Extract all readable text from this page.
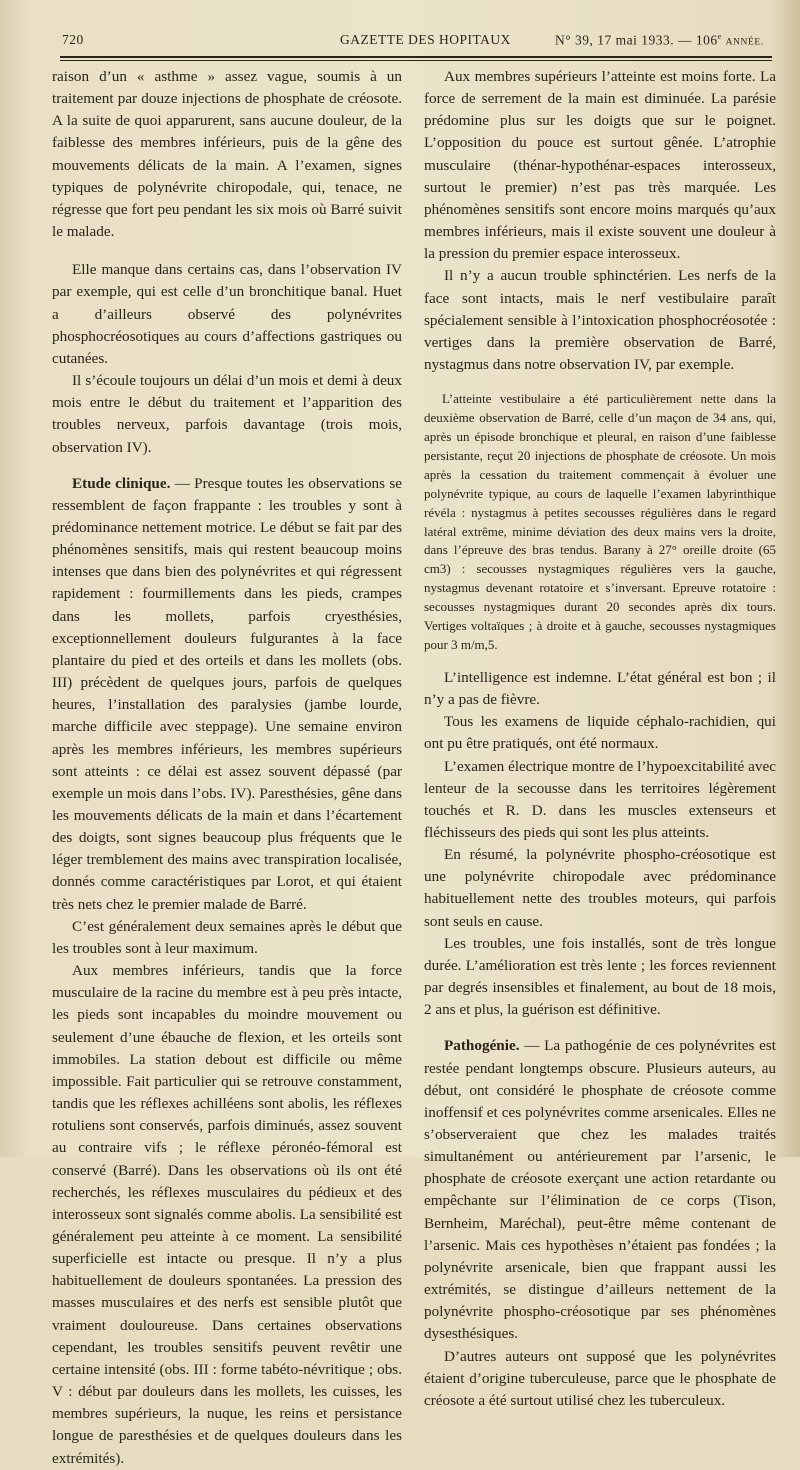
720	GAZETTE DES HOPITAUX	N° 39, 17 mai 1933. — 106e ANNÉE.

raison d’un « asthme » assez vague, soumis à un traitement par douze injections de phosphate de créosote. A la suite de quoi apparurent, sans aucune douleur, de la faiblesse des membres inférieurs, puis de la gêne des mouvements délicats de la main. A l’examen, signes typiques de polynévrite chiropodale, qui, tenace, ne régresse que fort peu pendant les six mois où Barré suivit le malade.

Elle manque dans certains cas, dans l’observation IV par exemple, qui est celle d’un bronchitique banal. Huet a d’ailleurs observé des polynévrites phosphocréosotiques au cours d’affections gastriques ou cutanées.

Il s’écoule toujours un délai d’un mois et demi à deux mois entre le début du traitement et l’apparition des troubles nerveux, parfois davantage (trois mois, observation IV).

Etude clinique. — Presque toutes les observations se ressemblent de façon frappante : les troubles y sont à prédominance nettement motrice. Le début se fait par des phénomènes sensitifs, mais qui restent beaucoup moins intenses que dans bien des polynévrites et qui régressent rapidement : fourmillements dans les pieds, crampes dans les mollets, parfois cryesthésies, exceptionnellement douleurs fulgurantes à la face plantaire du pied et des orteils et dans les mollets (obs. III) précèdent de quelques jours, parfois de quelques heures, l’installation des paralysies (jambe lourde, marche difficile avec steppage). Une semaine environ après les membres inférieurs, les membres supérieurs sont atteints : ce délai est assez souvent dépassé (par exemple un mois dans l’obs. IV). Paresthésies, gêne dans les mouvements délicats de la main et dans l’écartement des doigts, sont signes beaucoup plus fréquents que le léger tremblement des mains avec transpiration localisée, donnés comme caractéristiques par Lorot, et qui étaient très nets chez le premier malade de Barré.

C’est généralement deux semaines après le début que les troubles sont à leur maximum.

Aux membres inférieurs, tandis que la force musculaire de la racine du membre est à peu près intacte, les pieds sont incapables du moindre mouvement ou seulement d’une ébauche de flexion, et les orteils sont immobiles. La station debout est difficile ou même impossible. Fait particulier qui se retrouve constamment, tandis que les réflexes achilléens sont abolis, les réflexes rotuliens sont conservés, parfois diminués, assez souvent au contraire vifs ; le réflexe péronéo-fémoral est conservé (Barré). Dans les observations où ils ont été recherchés, les réflexes musculaires du pédieux et des interosseux sont signalés comme abolis. La sensibilité est généralement peu atteinte à ce moment. La sensibilité superficielle est intacte ou presque. Il n’y a plus habituellement de douleurs spontanées. La pression des masses musculaires et des nerfs est sensible plutôt que vraiment douloureuse. Dans certaines observations cependant, les troubles sensitifs peuvent revêtir une certaine intensité (obs. III : forme tabéto-névritique ; obs. V : début par douleurs dans les mollets, les cuisses, les membres supérieurs, la nuque, les reins et persistance longue de paresthésies et de quelques douleurs dans les extrémités).

Aux membres supérieurs l’atteinte est moins forte. La force de serrement de la main est diminuée. La parésie prédomine plus sur les doigts que sur le poignet. L’opposition du pouce est surtout gênée. L’atrophie musculaire (thénar-hypothénar-espaces interosseux, surtout le premier) n’est pas très marquée. Les phénomènes sensitifs sont encore moins marqués qu’aux membres inférieurs, mais il existe souvent une douleur à la pression du premier espace interosseux.

Il n’y a aucun trouble sphinctérien. Les nerfs de la face sont intacts, mais le nerf vestibulaire paraît spécialement sensible à l’intoxication phosphocréosotée : vertiges dans la première observation de Barré, nystagmus dans notre observation IV, par exemple.

L’atteinte vestibulaire a été particulièrement nette dans la deuxième observation de Barré, celle d’un maçon de 34 ans, qui, après un épisode bronchique et pleural, en raison d’une faiblesse persistante, reçut 20 injections de phosphate de créosote. Un mois après la cessation du traitement commençait à évoluer une polynévrite typique, au cours de laquelle l’examen labyrinthique révéla : nystagmus à petites secousses régulières dans le regard latéral extrême, minime déviation des deux mains vers la droite, dans l’épreuve des bras tendus. Barany à 27° oreille droite (65 cm3) : secousses nystagmiques régulières vers la gauche, nystagmus devenant rotatoire et s’inversant. Epreuve rotatoire : secousses nystagmiques durant 20 secondes après dix tours. Vertiges voltaïques ; à droite et à gauche, secousses nystagmiques pour 3 m/m,5.

L’intelligence est indemne. L’état général est bon ; il n’y a pas de fièvre.

Tous les examens de liquide céphalo-rachidien, qui ont pu être pratiqués, ont été normaux.

L’examen électrique montre de l’hypoexcitabilité avec lenteur de la secousse dans les territoires légèrement touchés et R. D. dans les muscles extenseurs et fléchisseurs des pieds qui sont les plus atteints.

En résumé, la polynévrite phospho-créosotique est une polynévrite chiropodale avec prédominance habituellement nette des troubles moteurs, qui parfois sont seuls en cause.

Les troubles, une fois installés, sont de très longue durée. L’amélioration est très lente ; les forces reviennent par degrés insensibles et finalement, au bout de 18 mois, 2 ans et plus, la guérison est définitive.

Pathogénie. — La pathogénie de ces polynévrites est restée pendant longtemps obscure. Plusieurs auteurs, au début, ont considéré le phosphate de créosote comme inoffensif et ces polynévrites comme arsenicales. Elles ne s’observeraient que chez les malades traités simultanément ou antérieurement par l’arsenic, le phosphate de créosote exerçant une action retardante ou empêchante sur l’élimination de ce corps (Tison, Bernheim, Maréchal), peut-être même contenant de l’arsenic. Mais ces hypothèses n’étaient pas fondées ; la polynévrite arsenicale, bien que frappant aussi les extrémités, se distingue d’ailleurs nettement de la polynévrite phospho-créosotique par ses phénomènes dysesthésiques.

D’autres auteurs ont supposé que les polynévrites étaient d’origine tuberculeuse, parce que le phosphate de créosote a été surtout utilisé chez les tuberculeux.
